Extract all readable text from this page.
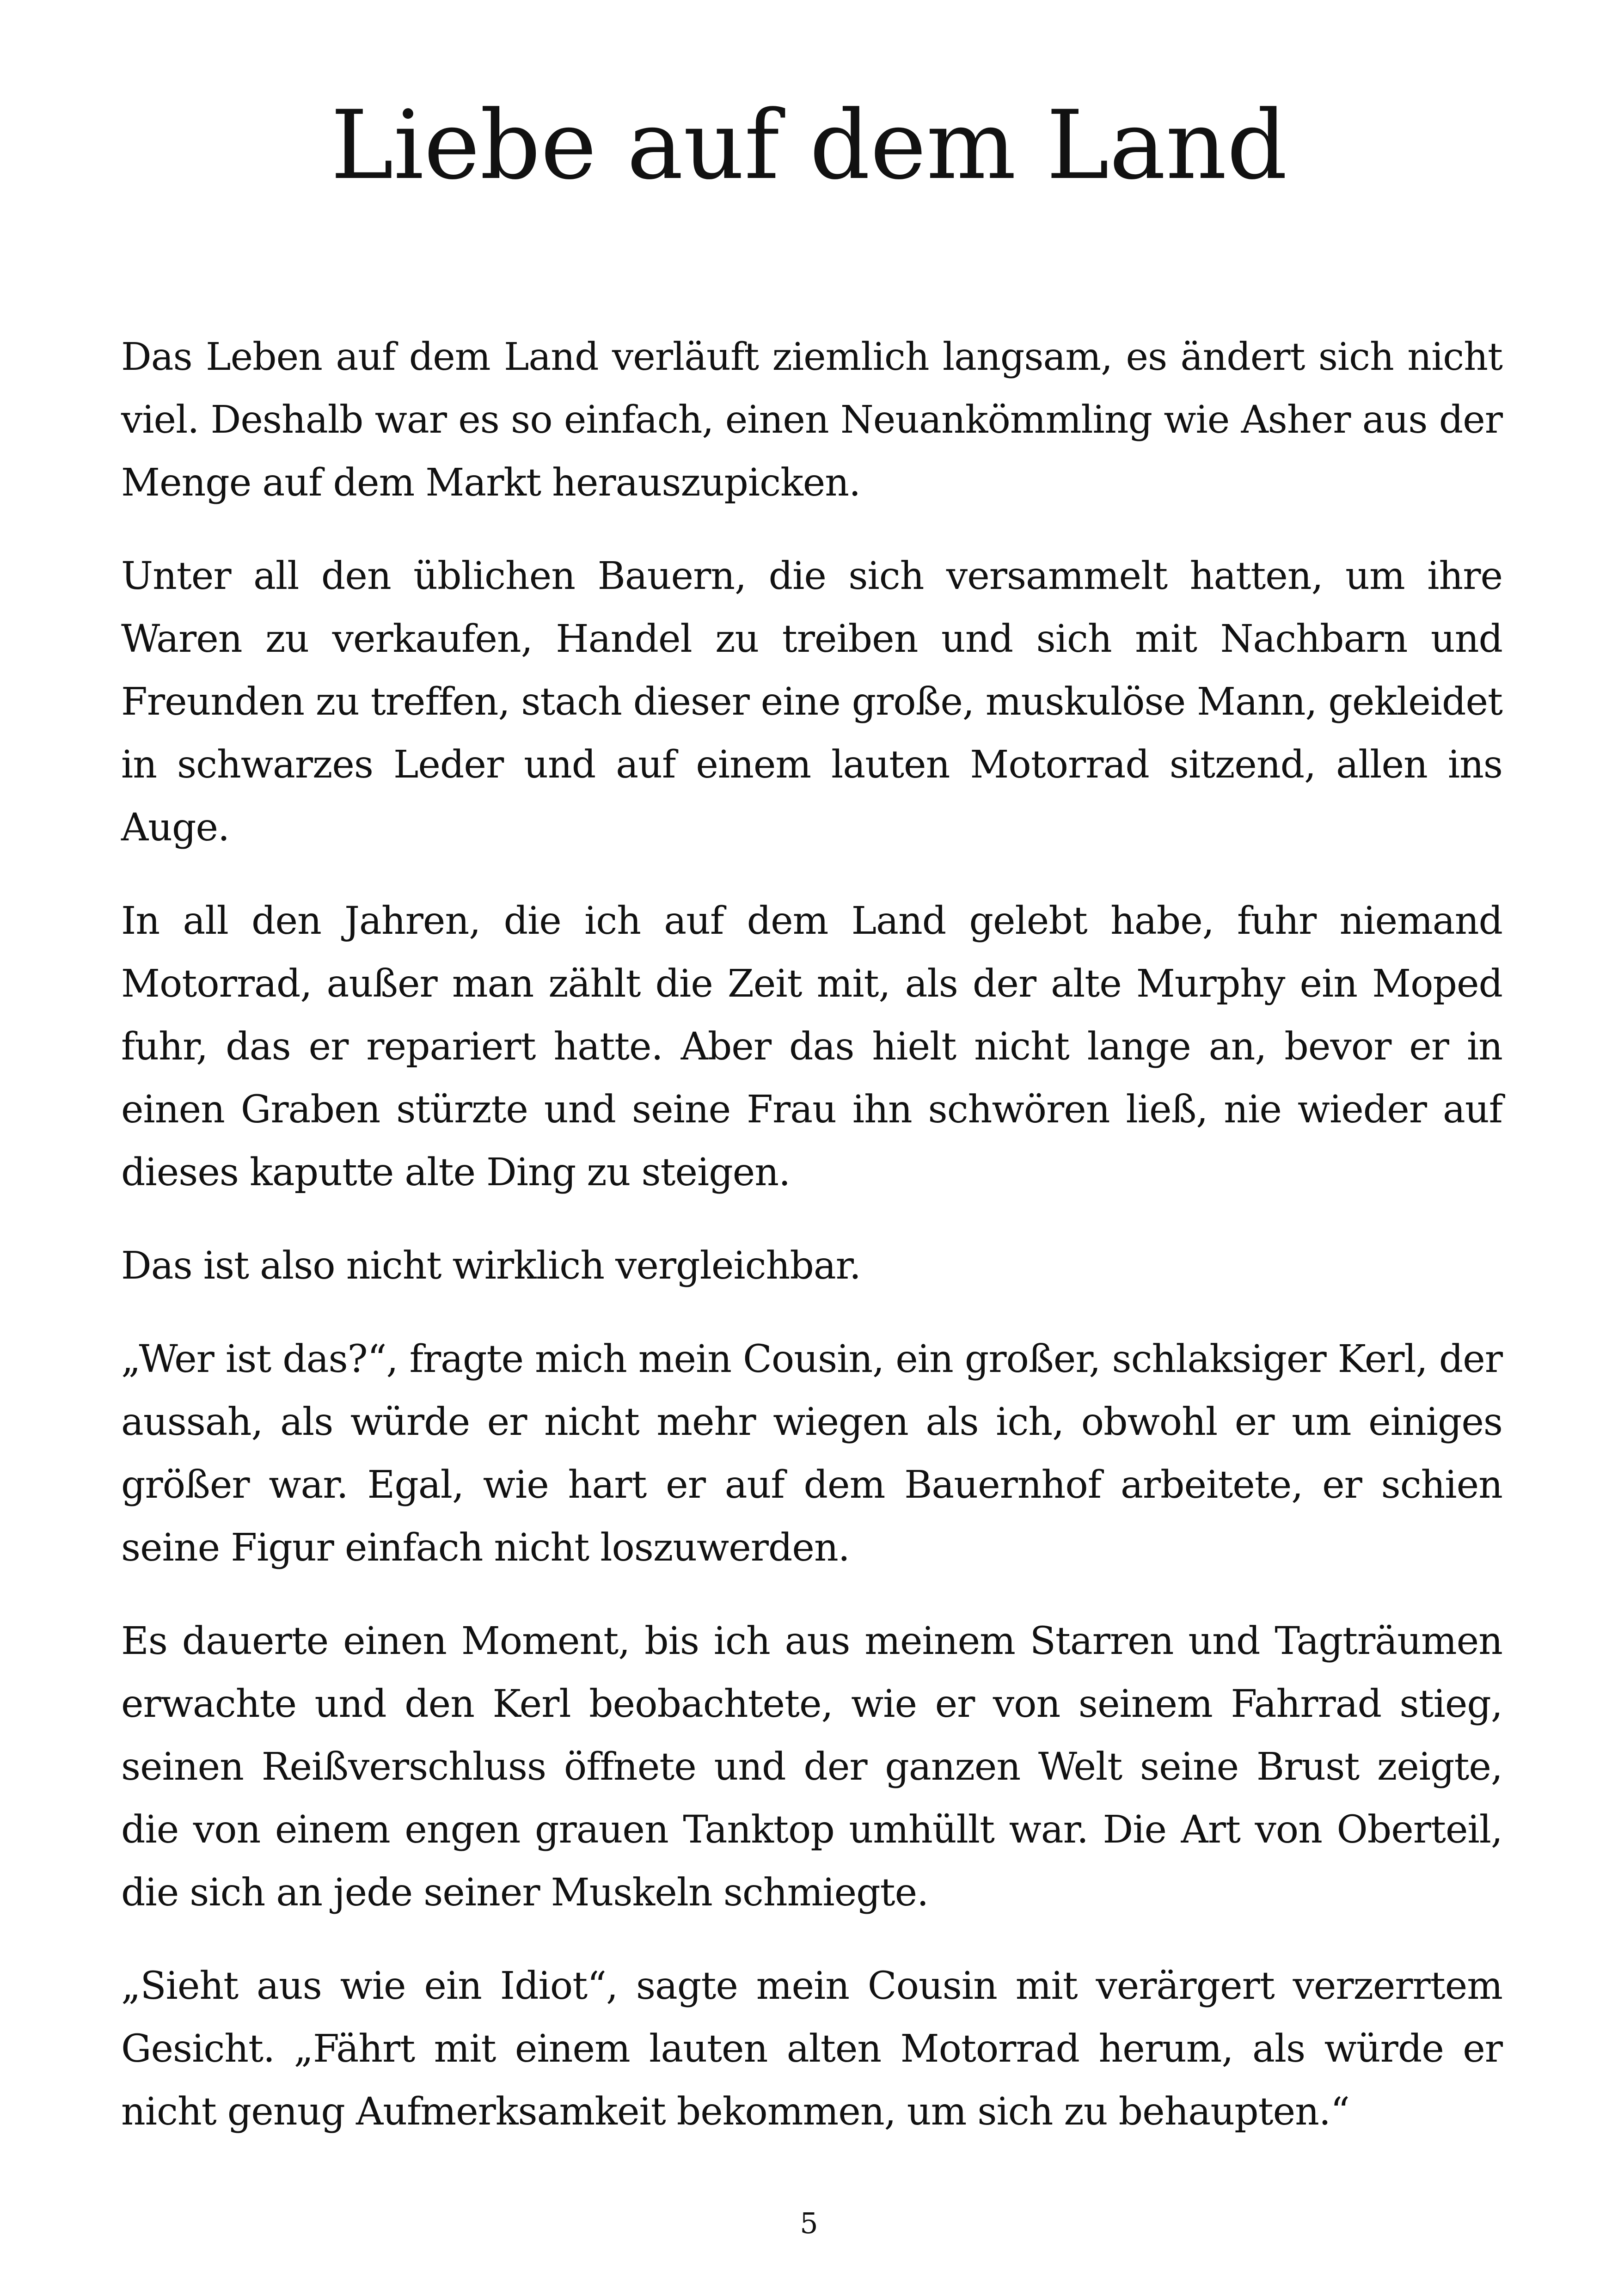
Liebe auf dem Land

Das Leben auf dem Land verläuft ziemlich langsam, es ändert sich nicht viel. Deshalb war es so einfach, einen Neuankömmling wie Asher aus der Menge auf dem Markt herauszupicken.

Unter all den üblichen Bauern, die sich versammelt hatten, um ihre Waren zu verkaufen, Handel zu treiben und sich mit Nachbarn und Freunden zu treffen, stach dieser eine große, muskulöse Mann, gekleidet in schwarzes Leder und auf einem lauten Motorrad sitzend, allen ins Auge.

In all den Jahren, die ich auf dem Land gelebt habe, fuhr niemand Motorrad, außer man zählt die Zeit mit, als der alte Murphy ein Moped fuhr, das er repariert hatte. Aber das hielt nicht lange an, bevor er in einen Graben stürzte und seine Frau ihn schwören ließ, nie wieder auf dieses kaputte alte Ding zu steigen.

Das ist also nicht wirklich vergleichbar.

„Wer ist das?“, fragte mich mein Cousin, ein großer, schlaksiger Kerl, der aussah, als würde er nicht mehr wiegen als ich, obwohl er um einiges größer war. Egal, wie hart er auf dem Bauernhof arbeitete, er schien seine Figur einfach nicht loszuwerden.

Es dauerte einen Moment, bis ich aus meinem Starren und Tagträumen erwachte und den Kerl beobachtete, wie er von seinem Fahrrad stieg, seinen Reißverschluss öffnete und der ganzen Welt seine Brust zeigte, die von einem engen grauen Tanktop umhüllt war. Die Art von Oberteil, die sich an jede seiner Muskeln schmiegte.

„Sieht aus wie ein Idiot“, sagte mein Cousin mit verärgert verzerrtem Gesicht. „Fährt mit einem lauten alten Motorrad herum, als würde er nicht genug Aufmerksamkeit bekommen, um sich zu behaupten.“

5
